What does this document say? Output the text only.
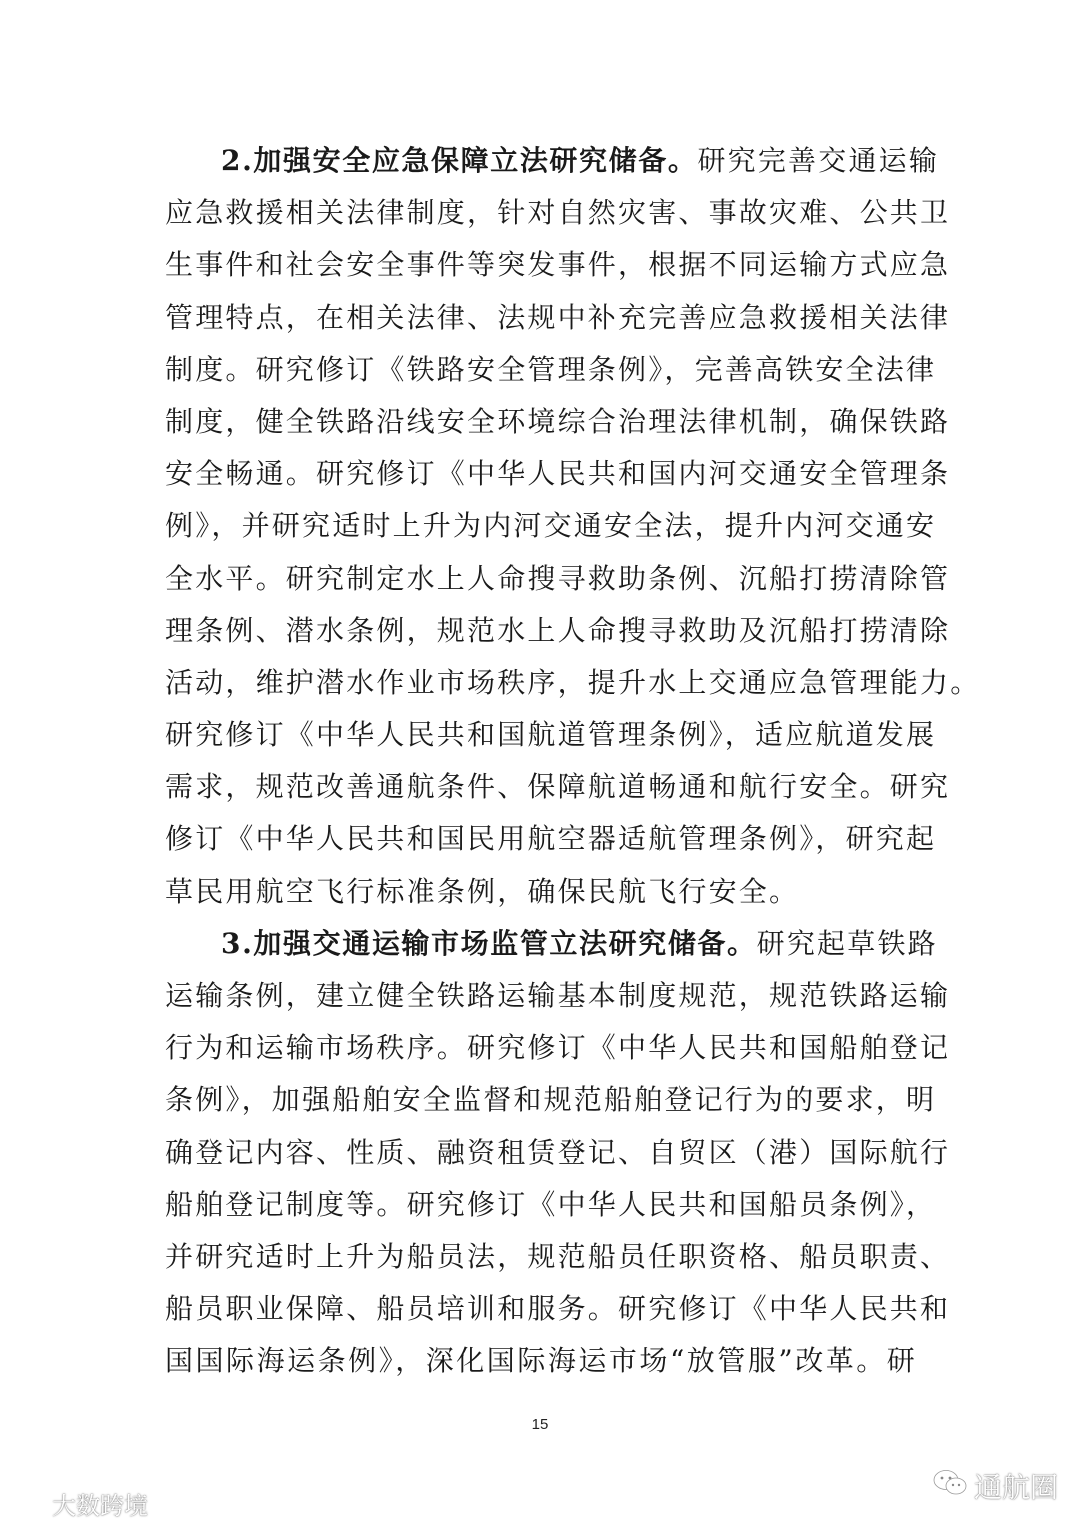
2.加强安全应急保障立法研究储备。研究完善交通运输
应急救援相关法律制度，针对自然灾害、事故灾难、公共卫
生事件和社会安全事件等突发事件，根据不同运输方式应急
管理特点，在相关法律、法规中补充完善应急救援相关法律
制度。研究修订《铁路安全管理条例》，完善高铁安全法律
制度，健全铁路沿线安全环境综合治理法律机制，确保铁路
安全畅通。研究修订《中华人民共和国内河交通安全管理条
例》，并研究适时上升为内河交通安全法，提升内河交通安
全水平。研究制定水上人命搜寻救助条例、沉船打捞清除管
理条例、潜水条例，规范水上人命搜寻救助及沉船打捞清除
活动，维护潜水作业市场秩序，提升水上交通应急管理能力。
研究修订《中华人民共和国航道管理条例》，适应航道发展
需求，规范改善通航条件、保障航道畅通和航行安全。研究
修订《中华人民共和国民用航空器适航管理条例》，研究起
草民用航空飞行标准条例，确保民航飞行安全。
3.加强交通运输市场监管立法研究储备。研究起草铁路
运输条例，建立健全铁路运输基本制度规范，规范铁路运输
行为和运输市场秩序。研究修订《中华人民共和国船舶登记
条例》，加强船舶安全监督和规范船舶登记行为的要求，明
确登记内容、性质、融资租赁登记、自贸区（港）国际航行
船舶登记制度等。研究修订《中华人民共和国船员条例》，
并研究适时上升为船员法，规范船员任职资格、船员职责、
船员职业保障、船员培训和服务。研究修订《中华人民共和
国国际海运条例》，深化国际海运市场“放管服”改革。研
15
大数跨境
通航圈
